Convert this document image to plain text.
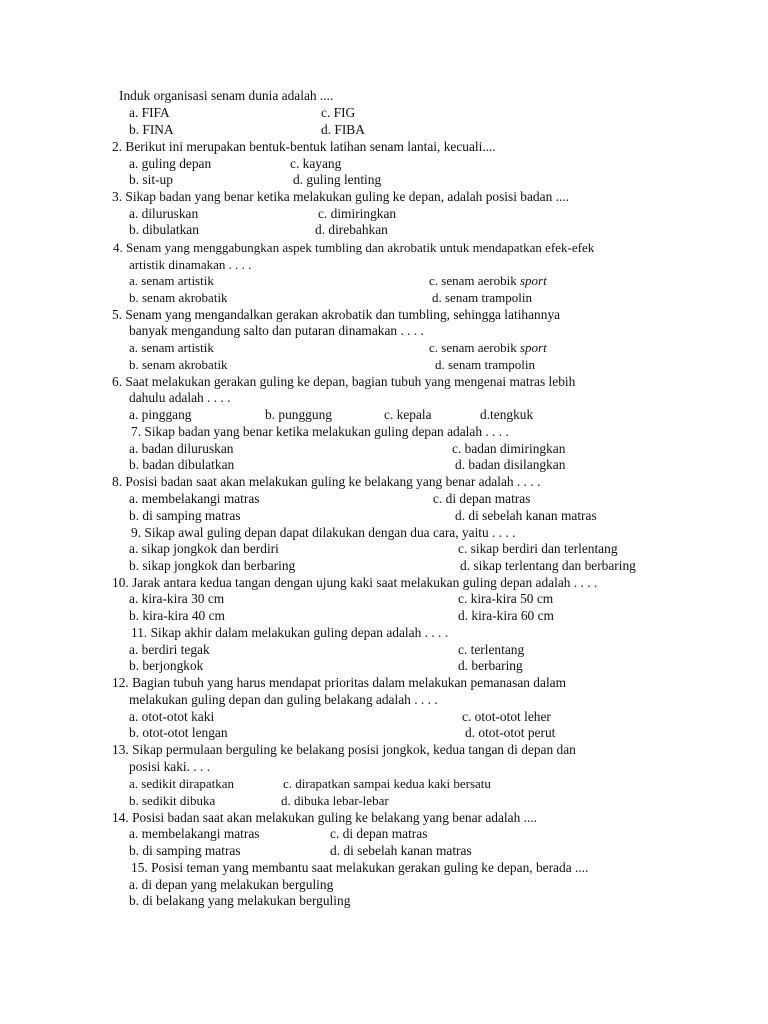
Induk organisasi senam dunia adalah ....
a. FIFA	c. FIG
b. FINA	d. FIBA
2. Berikut ini merupakan bentuk-bentuk latihan senam lantai, kecuali....
a. guling depan	c. kayang
b. sit-up	d. guling lenting
3. Sikap badan yang benar ketika melakukan guling ke depan, adalah posisi badan ....
a. diluruskan	c. dimiringkan
b. dibulatkan	d. direbahkan
4. Senam yang menggabungkan aspek tumbling dan akrobatik untuk mendapatkan efek-efek
artistik dinamakan . . . .
a. senam artistik	c. senam aerobik sport
b. senam akrobatik	d. senam trampolin
5. Senam yang mengandalkan gerakan akrobatik dan tumbling, sehingga latihannya
banyak mengandung salto dan putaran dinamakan . . . .
a. senam artistik	c. senam aerobik sport
b. senam akrobatik	d. senam trampolin
6. Saat melakukan gerakan guling ke depan, bagian tubuh yang mengenai matras lebih
dahulu adalah . . . .
a. pinggang	b. punggung	c. kepala	d.tengkuk
7. Sikap badan yang benar ketika melakukan guling depan adalah . . . .
a. badan diluruskan	c. badan dimiringkan
b. badan dibulatkan	d. badan disilangkan
8. Posisi badan saat akan melakukan guling ke belakang yang benar adalah . . . .
a. membelakangi matras	c. di depan matras
b. di samping matras	d. di sebelah kanan matras
9. Sikap awal guling depan dapat dilakukan dengan dua cara, yaitu . . . .
a. sikap jongkok dan berdiri	c. sikap berdiri dan terlentang
b. sikap jongkok dan berbaring	d. sikap terlentang dan berbaring
10. Jarak antara kedua tangan dengan ujung kaki saat melakukan guling depan adalah . . . .
a. kira-kira 30 cm	c. kira-kira 50 cm
b. kira-kira 40 cm	d. kira-kira 60 cm
11. Sikap akhir dalam melakukan guling depan adalah . . . .
a. berdiri tegak	c. terlentang
b. berjongkok	d. berbaring
12. Bagian tubuh yang harus mendapat prioritas dalam melakukan pemanasan dalam
melakukan guling depan dan guling belakang adalah . . . .
a. otot-otot kaki	c. otot-otot leher
b. otot-otot lengan	d. otot-otot perut
13. Sikap permulaan berguling ke belakang posisi jongkok, kedua tangan di depan dan
posisi kaki. . . .
a. sedikit dirapatkan	c. dirapatkan sampai kedua kaki bersatu
b. sedikit dibuka	d. dibuka lebar-lebar
14. Posisi badan saat akan melakukan guling ke belakang yang benar adalah ....
a. membelakangi matras	c. di depan matras
b. di samping matras	d. di sebelah kanan matras
15. Posisi teman yang membantu saat melakukan gerakan guling ke depan, berada ....
a. di depan yang melakukan berguling
b. di belakang yang melakukan berguling
